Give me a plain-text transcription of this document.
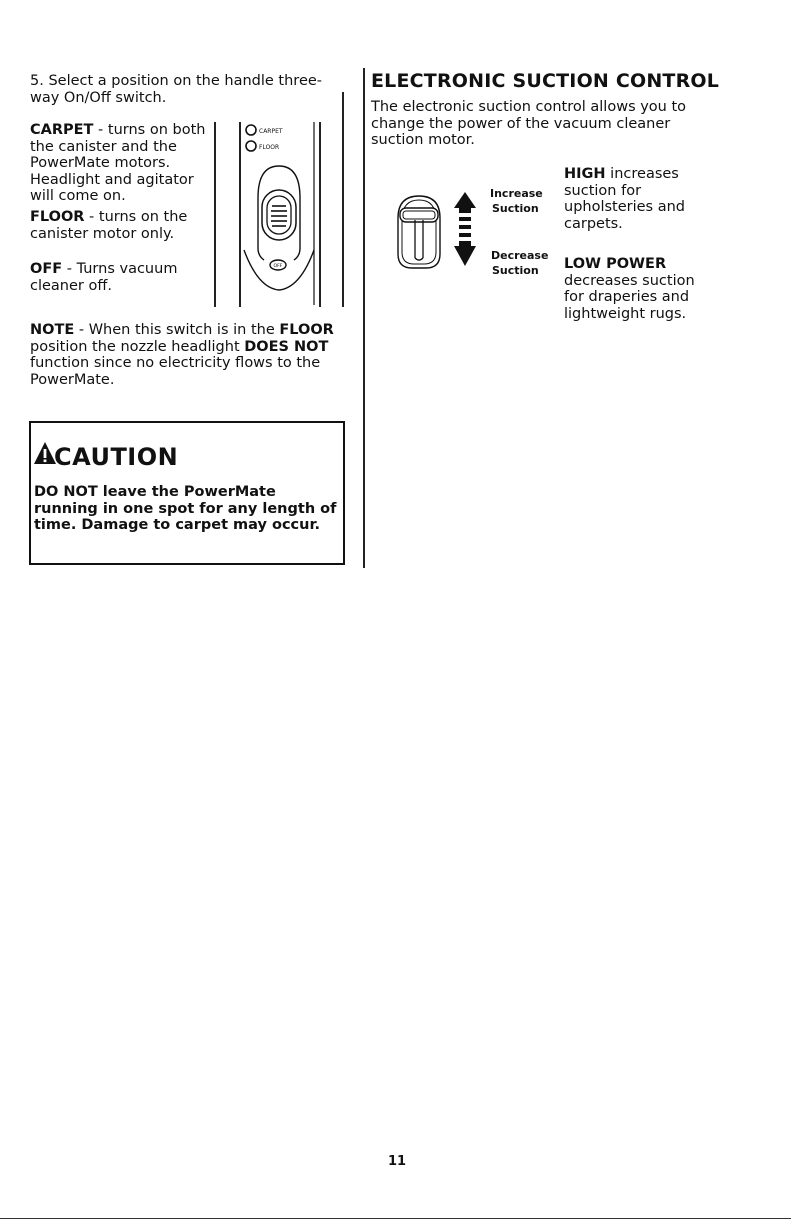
5. Select a position on the handle three-way On/Off switch.
CARPET - turns on both the canister and the PowerMate motors. Headlight and agitator will come on.
FLOOR - turns on the canister motor only.
OFF - Turns vacuum cleaner off.
CARPET
FLOOR
OFF
NOTE - When this switch is in the FLOOR position the nozzle headlight DOES NOT function since no electricity flows to the PowerMate.
CAUTION
DO NOT leave the PowerMate running in one spot for any length of time. Damage to carpet may occur.
ELECTRONIC SUCTION CONTROL
The electronic suction control allows you to change the power of the vacuum cleaner suction motor.
Increase
Suction
Decrease
Suction
HIGH increases suction for upholsteries and carpets.
LOW POWER decreases suction for draperies and lightweight rugs.
11
